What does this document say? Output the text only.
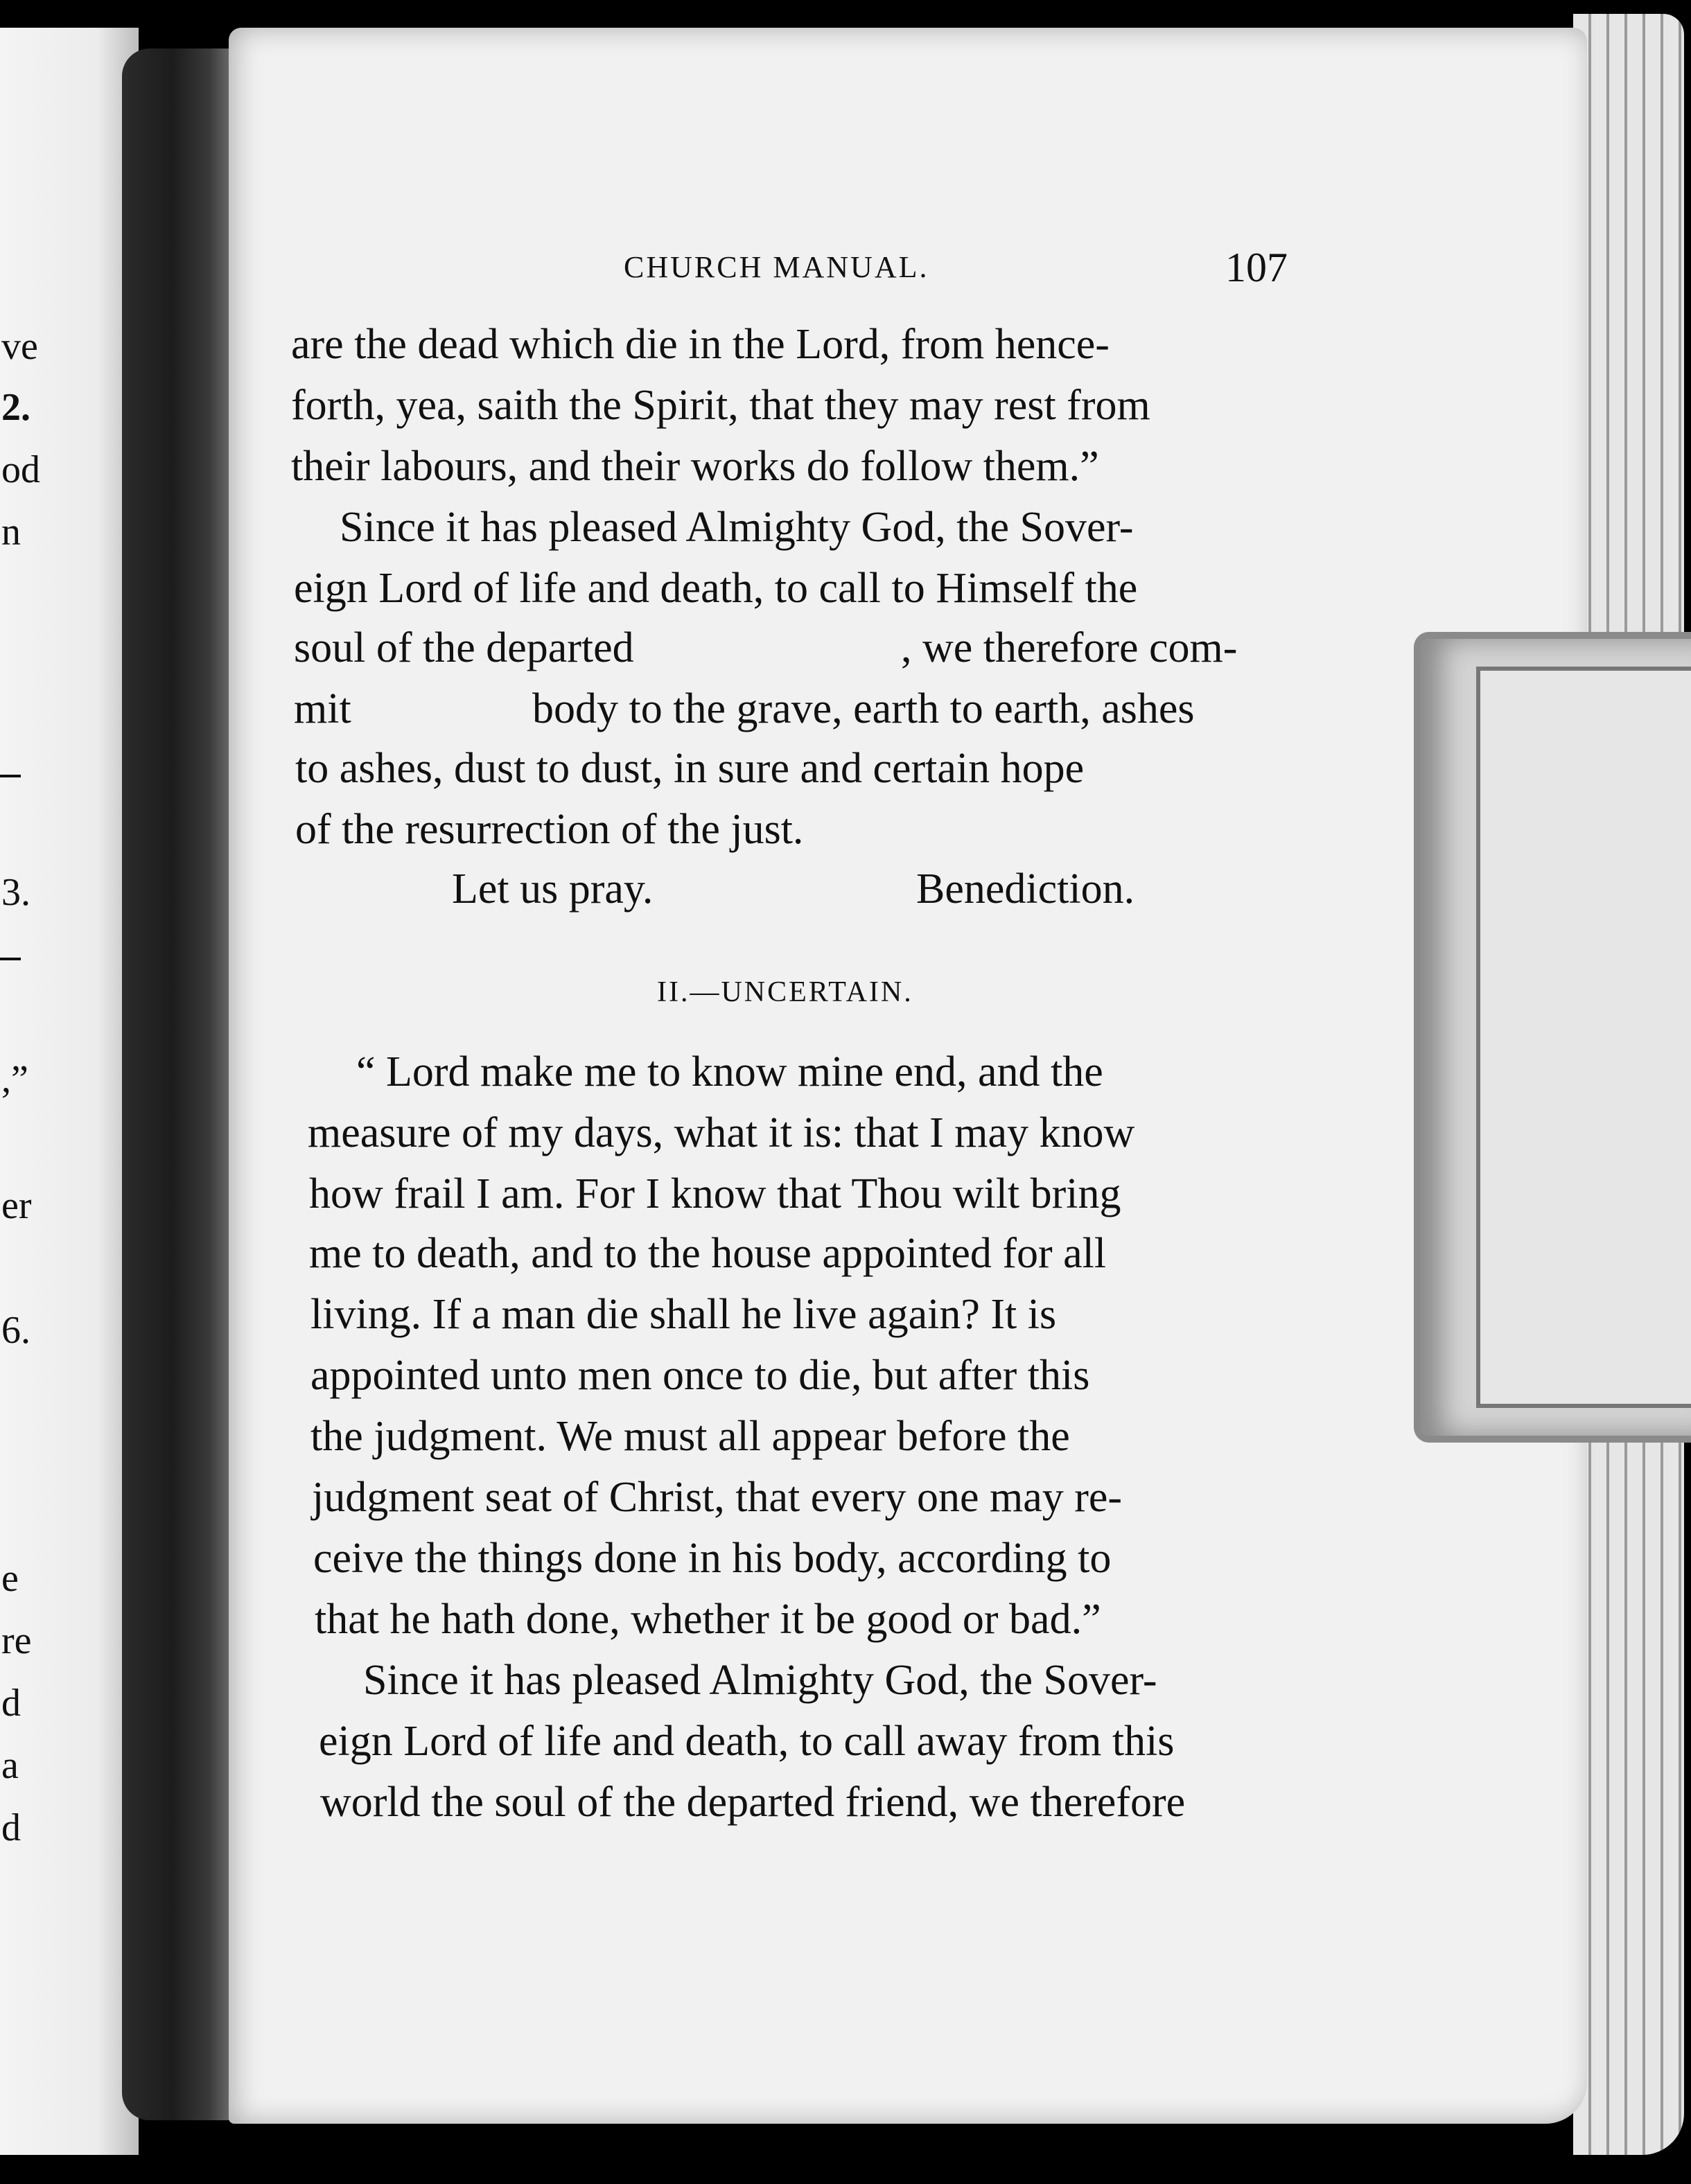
ve
2.
od
n
3.
,”
er
6.
e
re
d
a
d
CHURCH MANUAL.	107
are the dead which die in the Lord, from hence-
forth, yea, saith the Spirit, that they may rest from
their labours, and their works do follow them.”
Since it has pleased Almighty God, the Sover-
eign Lord of life and death, to call to Himself the
soul of the departed	, we therefore com-
mit	body to the grave, earth to earth, ashes
to ashes, dust to dust, in sure and certain hope
of the resurrection of the just.
Let us pray.	Benediction.
II.—UNCERTAIN.
“ Lord make me to know mine end, and the
measure of my days, what it is: that I may know
how frail I am. For I know that Thou wilt bring
me to death, and to the house appointed for all
living. If a man die shall he live again? It is
appointed unto men once to die, but after this
the judgment. We must all appear before the
judgment seat of Christ, that every one may re-
ceive the things done in his body, according to
that he hath done, whether it be good or bad.”
Since it has pleased Almighty God, the Sover-
eign Lord of life and death, to call away from this
world the soul of the departed friend, we therefore
